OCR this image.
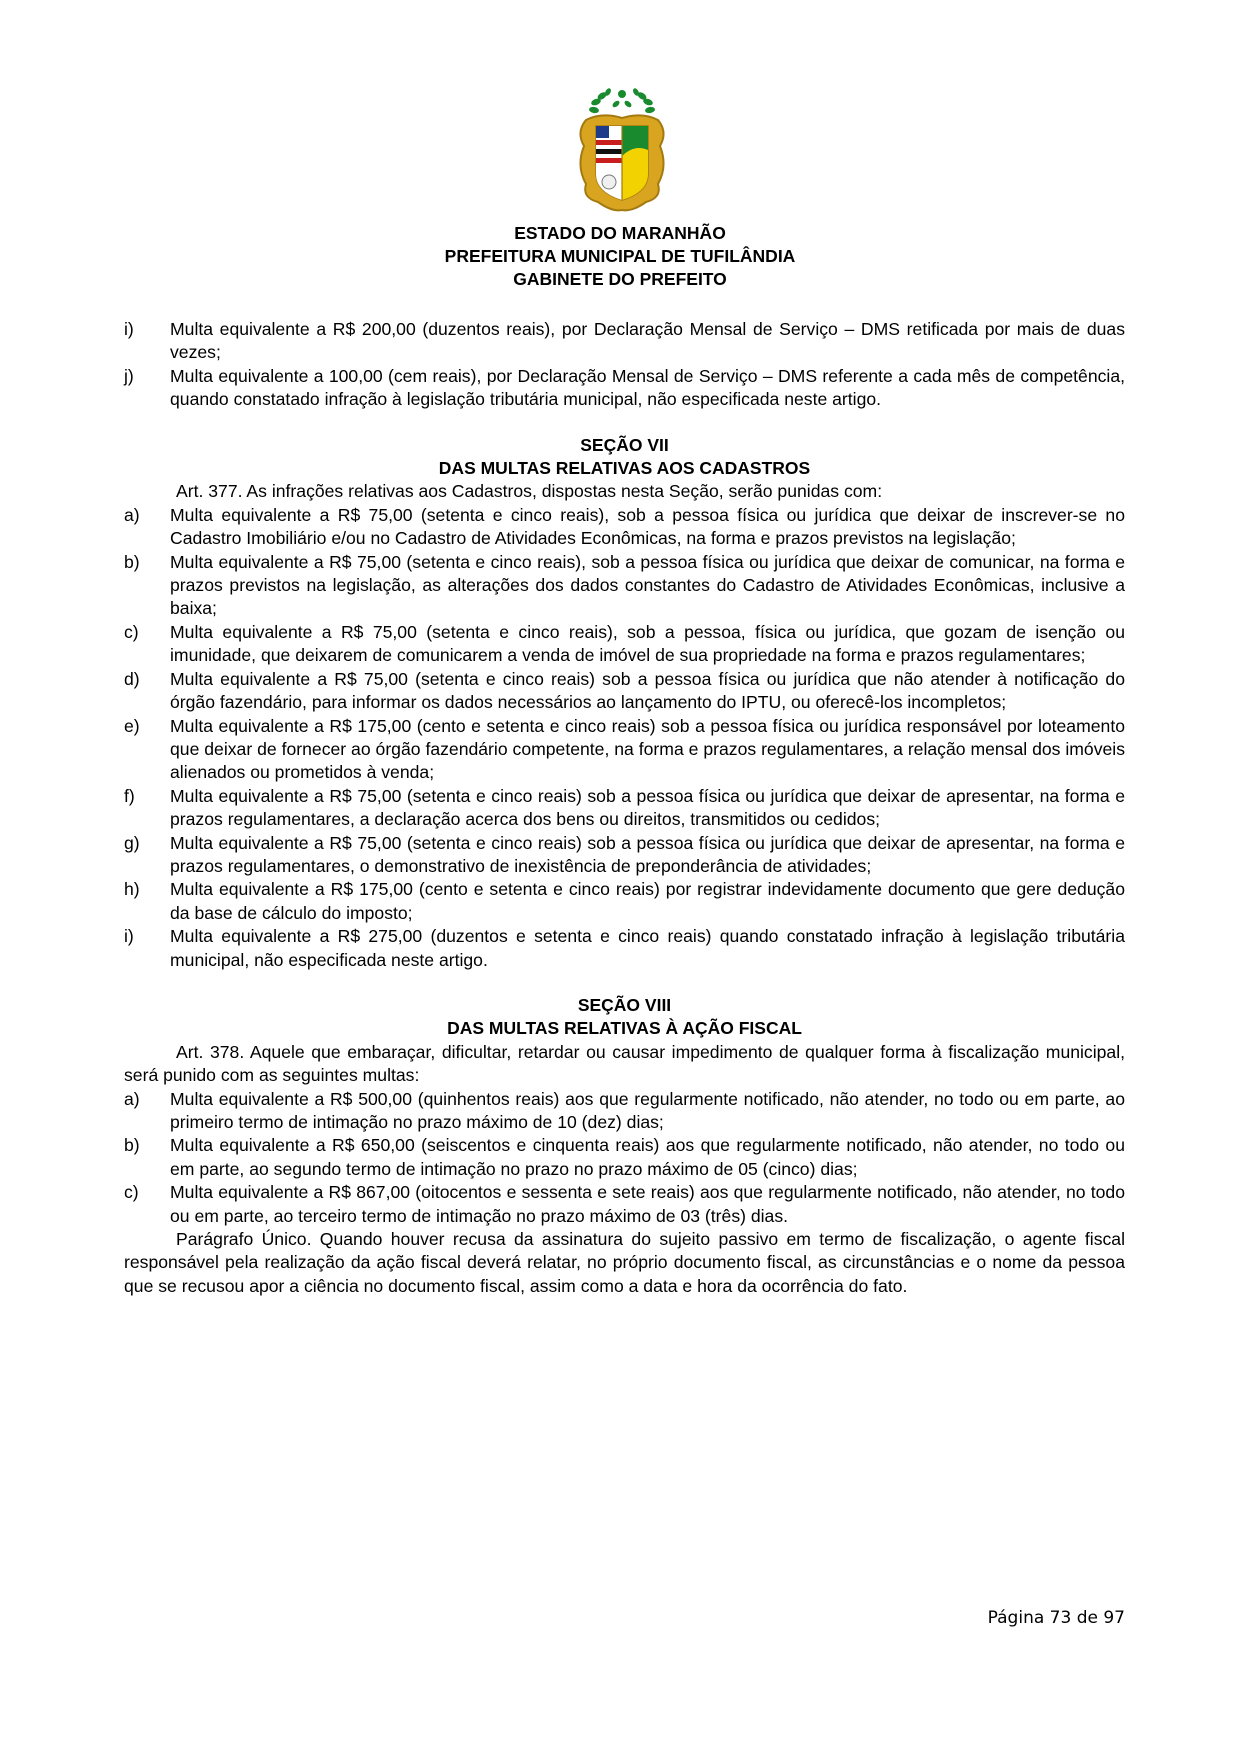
ESTADO DO MARANHÃO
PREFEITURA MUNICIPAL DE TUFILÂNDIA
GABINETE DO PREFEITO
i)	Multa equivalente a R$ 200,00 (duzentos reais), por Declaração Mensal de Serviço – DMS retificada por mais de duas vezes;
j)	Multa equivalente a 100,00 (cem reais), por Declaração Mensal de Serviço – DMS referente a cada mês de competência, quando constatado infração à legislação tributária municipal, não especificada neste artigo.
SEÇÃO VII
DAS MULTAS RELATIVAS AOS CADASTROS
Art. 377. As infrações relativas aos Cadastros, dispostas nesta Seção, serão punidas com:
a)	Multa equivalente a R$ 75,00 (setenta e cinco reais), sob a pessoa física ou jurídica que deixar de inscrever-se no Cadastro Imobiliário e/ou no Cadastro de Atividades Econômicas, na forma e prazos previstos na legislação;
b)	Multa equivalente a R$ 75,00 (setenta e cinco reais), sob a pessoa física ou jurídica que deixar de comunicar, na forma e prazos previstos na legislação, as alterações dos dados constantes do Cadastro de Atividades Econômicas, inclusive a baixa;
c)	Multa equivalente a R$ 75,00 (setenta e cinco reais), sob a pessoa, física ou jurídica, que gozam de isenção ou imunidade, que deixarem de comunicarem a venda de imóvel de sua propriedade na forma e prazos regulamentares;
d)	Multa equivalente a R$ 75,00 (setenta e cinco reais) sob a pessoa física ou jurídica que não atender à notificação do órgão fazendário, para informar os dados necessários ao lançamento do IPTU, ou oferecê-los incompletos;
e)	Multa equivalente a R$ 175,00 (cento e setenta e cinco reais) sob a pessoa física ou jurídica responsável por loteamento que deixar de fornecer ao órgão fazendário competente, na forma e prazos regulamentares, a relação mensal dos imóveis alienados ou prometidos à venda;
f)	Multa equivalente a R$ 75,00 (setenta e cinco reais) sob a pessoa física ou jurídica que deixar de apresentar, na forma e prazos regulamentares, a declaração acerca dos bens ou direitos, transmitidos ou cedidos;
g)	Multa equivalente a R$ 75,00 (setenta e cinco reais) sob a pessoa física ou jurídica que deixar de apresentar, na forma e prazos regulamentares, o demonstrativo de inexistência de preponderância de atividades;
h)	Multa equivalente a R$ 175,00 (cento e setenta e cinco reais) por registrar indevidamente documento que gere dedução da base de cálculo do imposto;
i)	Multa equivalente a R$ 275,00 (duzentos e setenta e cinco reais) quando constatado infração à legislação tributária municipal, não especificada neste artigo.
SEÇÃO VIII
DAS MULTAS RELATIVAS À AÇÃO FISCAL
Art. 378. Aquele que embaraçar, dificultar, retardar ou causar impedimento de qualquer forma à fiscalização municipal, será punido com as seguintes multas:
a)	Multa equivalente a R$ 500,00 (quinhentos reais) aos que regularmente notificado, não atender, no todo ou em parte, ao primeiro termo de intimação no prazo máximo de 10 (dez) dias;
b)	Multa equivalente a R$ 650,00 (seiscentos e cinquenta reais) aos que regularmente notificado, não atender, no todo ou em parte, ao segundo termo de intimação no prazo no prazo máximo de 05 (cinco) dias;
c)	Multa equivalente a R$ 867,00 (oitocentos e sessenta e sete reais) aos que regularmente notificado, não atender, no todo ou em parte, ao terceiro termo de intimação no prazo máximo de 03 (três) dias.
Parágrafo Único. Quando houver recusa da assinatura do sujeito passivo em termo de fiscalização, o agente fiscal responsável pela realização da ação fiscal deverá relatar, no próprio documento fiscal, as circunstâncias e o nome da pessoa que se recusou apor a ciência no documento fiscal, assim como a data e hora da ocorrência do fato.
Página 73 de 97
